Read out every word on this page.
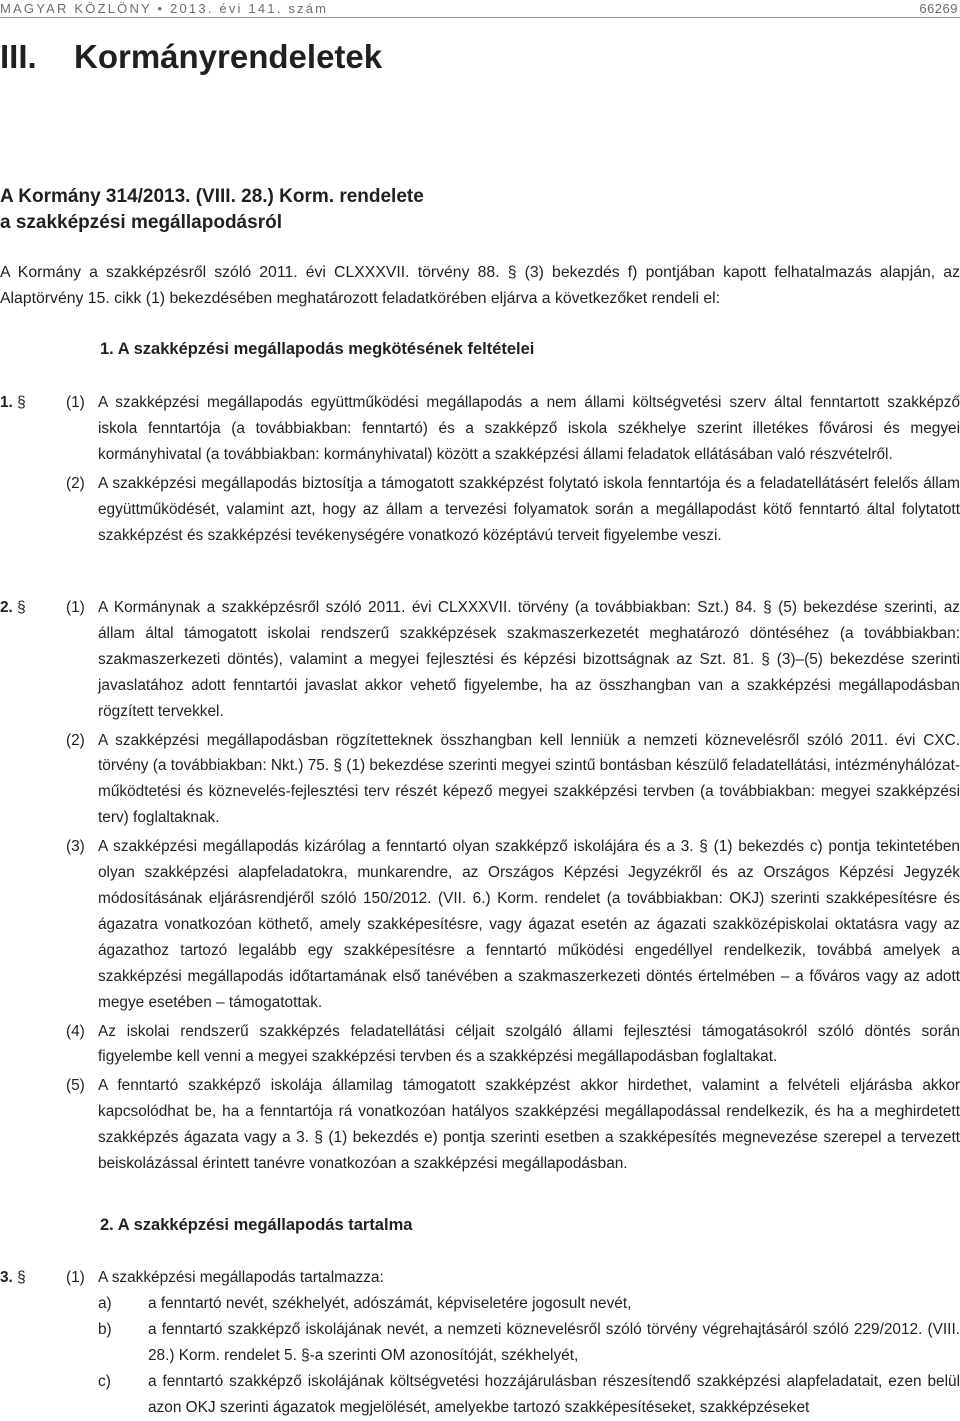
MAGYAR KÖZLÖNY • 2013. évi 141. szám	66269
III. Kormányrendeletek
A Kormány 314/2013. (VIII. 28.) Korm. rendelete
a szakképzési megállapodásról
A Kormány a szakképzésről szóló 2011. évi CLXXXVII. törvény 88. § (3) bekezdés f) pontjában kapott felhatalmazás alapján, az Alaptörvény 15. cikk (1) bekezdésében meghatározott feladatkörében eljárva a következőket rendeli el:
1. A szakképzési megállapodás megkötésének feltételei
1. §	(1) A szakképzési megállapodás együttműködési megállapodás a nem állami költségvetési szerv által fenntartott szakképző iskola fenntartója (a továbbiakban: fenntartó) és a szakképző iskola székhelye szerint illetékes fővárosi és megyei kormányhivatal (a továbbiakban: kormányhivatal) között a szakképzési állami feladatok ellátásában való részvételről.
(2) A szakképzési megállapodás biztosítja a támogatott szakképzést folytató iskola fenntartója és a feladatellátásért felelős állam együttműködését, valamint azt, hogy az állam a tervezési folyamatok során a megállapodást kötő fenntartó által folytatott szakképzést és szakképzési tevékenységére vonatkozó középtávú terveit figyelembe veszi.
2. §	(1) A Kormánynak a szakképzésről szóló 2011. évi CLXXXVII. törvény (a továbbiakban: Szt.) 84. § (5) bekezdése szerinti, az állam által támogatott iskolai rendszerű szakképzések szakmaszerkezetét meghatározó döntéséhez (a továbbiakban: szakmaszerkezeti döntés), valamint a megyei fejlesztési és képzési bizottságnak az Szt. 81. § (3)–(5) bekezdése szerinti javaslatához adott fenntartói javaslat akkor vehető figyelembe, ha az összhangban van a szakképzési megállapodásban rögzített tervekkel.
(2) A szakképzési megállapodásban rögzítetteknek összhangban kell lenniük a nemzeti köznevelésről szóló 2011. évi CXC. törvény (a továbbiakban: Nkt.) 75. § (1) bekezdése szerinti megyei szintű bontásban készülő feladatellátási, intézményhálózat-működtetési és köznevelés-fejlesztési terv részét képező megyei szakképzési tervben (a továbbiakban: megyei szakképzési terv) foglaltaknak.
(3) A szakképzési megállapodás kizárólag a fenntartó olyan szakképző iskolájára és a 3. § (1) bekezdés c) pontja tekintetében olyan szakképzési alapfeladatokra, munkarendre, az Országos Képzési Jegyzékről és az Országos Képzési Jegyzék módosításának eljárásrendjéről szóló 150/2012. (VII. 6.) Korm. rendelet (a továbbiakban: OKJ) szerinti szakképesítésre és ágazatra vonatkozóan köthető, amely szakképesítésre, vagy ágazat esetén az ágazati szakközépiskolai oktatásra vagy az ágazathoz tartozó legalább egy szakképesítésre a fenntartó működési engedéllyel rendelkezik, továbbá amelyek a szakképzési megállapodás időtartamának első tanévében a szakmaszerkezeti döntés értelmében – a főváros vagy az adott megye esetében – támogatottak.
(4) Az iskolai rendszerű szakképzés feladatellátási céljait szolgáló állami fejlesztési támogatásokról szóló döntés során figyelembe kell venni a megyei szakképzési tervben és a szakképzési megállapodásban foglaltakat.
(5) A fenntartó szakképző iskolája államilag támogatott szakképzést akkor hirdethet, valamint a felvételi eljárásba akkor kapcsolódhat be, ha a fenntartója rá vonatkozóan hatályos szakképzési megállapodással rendelkezik, és ha a meghirdetett szakképzés ágazata vagy a 3. § (1) bekezdés e) pontja szerinti esetben a szakképesítés megnevezése szerepel a tervezett beiskolázással érintett tanévre vonatkozóan a szakképzési megállapodásban.
2. A szakképzési megállapodás tartalma
3. §	(1) A szakképzési megállapodás tartalmazza:
a) a fenntartó nevét, székhelyét, adószámát, képviseletére jogosult nevét,
b) a fenntartó szakképző iskolájának nevét, a nemzeti köznevelésről szóló törvény végrehajtásáról szóló 229/2012. (VIII. 28.) Korm. rendelet 5. §-a szerinti OM azonosítóját, székhelyét,
c) a fenntartó szakképző iskolájának költségvetési hozzájárulásban részesítendő szakképzési alapfeladatait, ezen belül azon OKJ szerinti ágazatok megjelölését, amelyekbe tartozó szakképesítéseket, szakképzéseket
